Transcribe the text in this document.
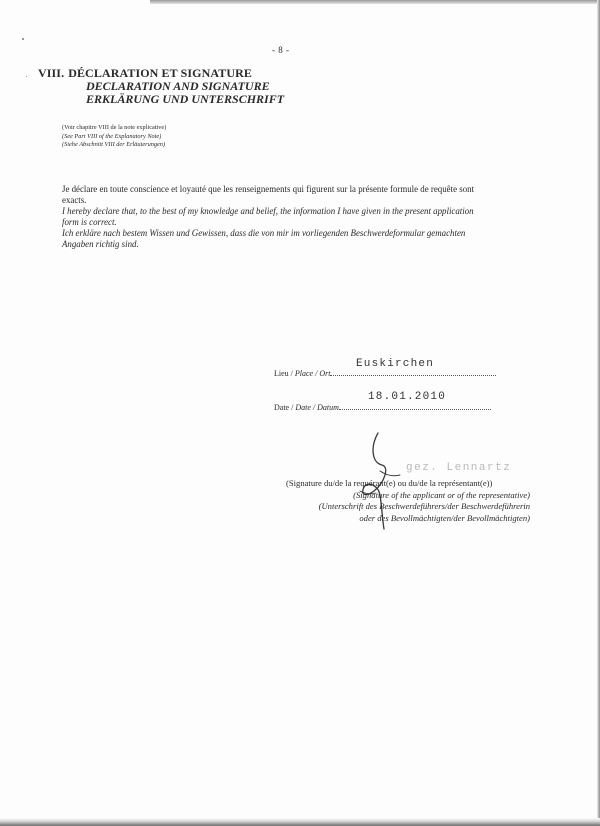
- 8 -
VIII. DÉCLARATION ET SIGNATURE
DECLARATION AND SIGNATURE
ERKLÄRUNG UND UNTERSCHRIFT
(Voir chapitre VIII de la note explicative)
(See Part VIII of the Explanatory Note)
(Siehe Abschnitt VIII der Erläuterungen)

Je déclare en toute conscience et loyauté que les renseignements qui figurent sur la présente formule de requête sont

exacts.

I hereby declare that, to the best of my knowledge and belief, the information I have given in the present application

form is correct.

Ich erkläre nach bestem Wissen und Gewissen, dass die von mir im vorliegenden Beschwerdeformular gemachten

Angaben richtig sind.

Euskirchen
Lieu / Place / Ort
18.01.2010
Date / Date / Datum
gez. Lennartz
(Signature du/de la requérant(e) ou du/de la représentant(e))
(Signature of the applicant or of the representative)
(Unterschrift des Beschwerdeführers/der Beschwerdeführerin
oder des Bevollmächtigten/der Bevollmächtigten)
